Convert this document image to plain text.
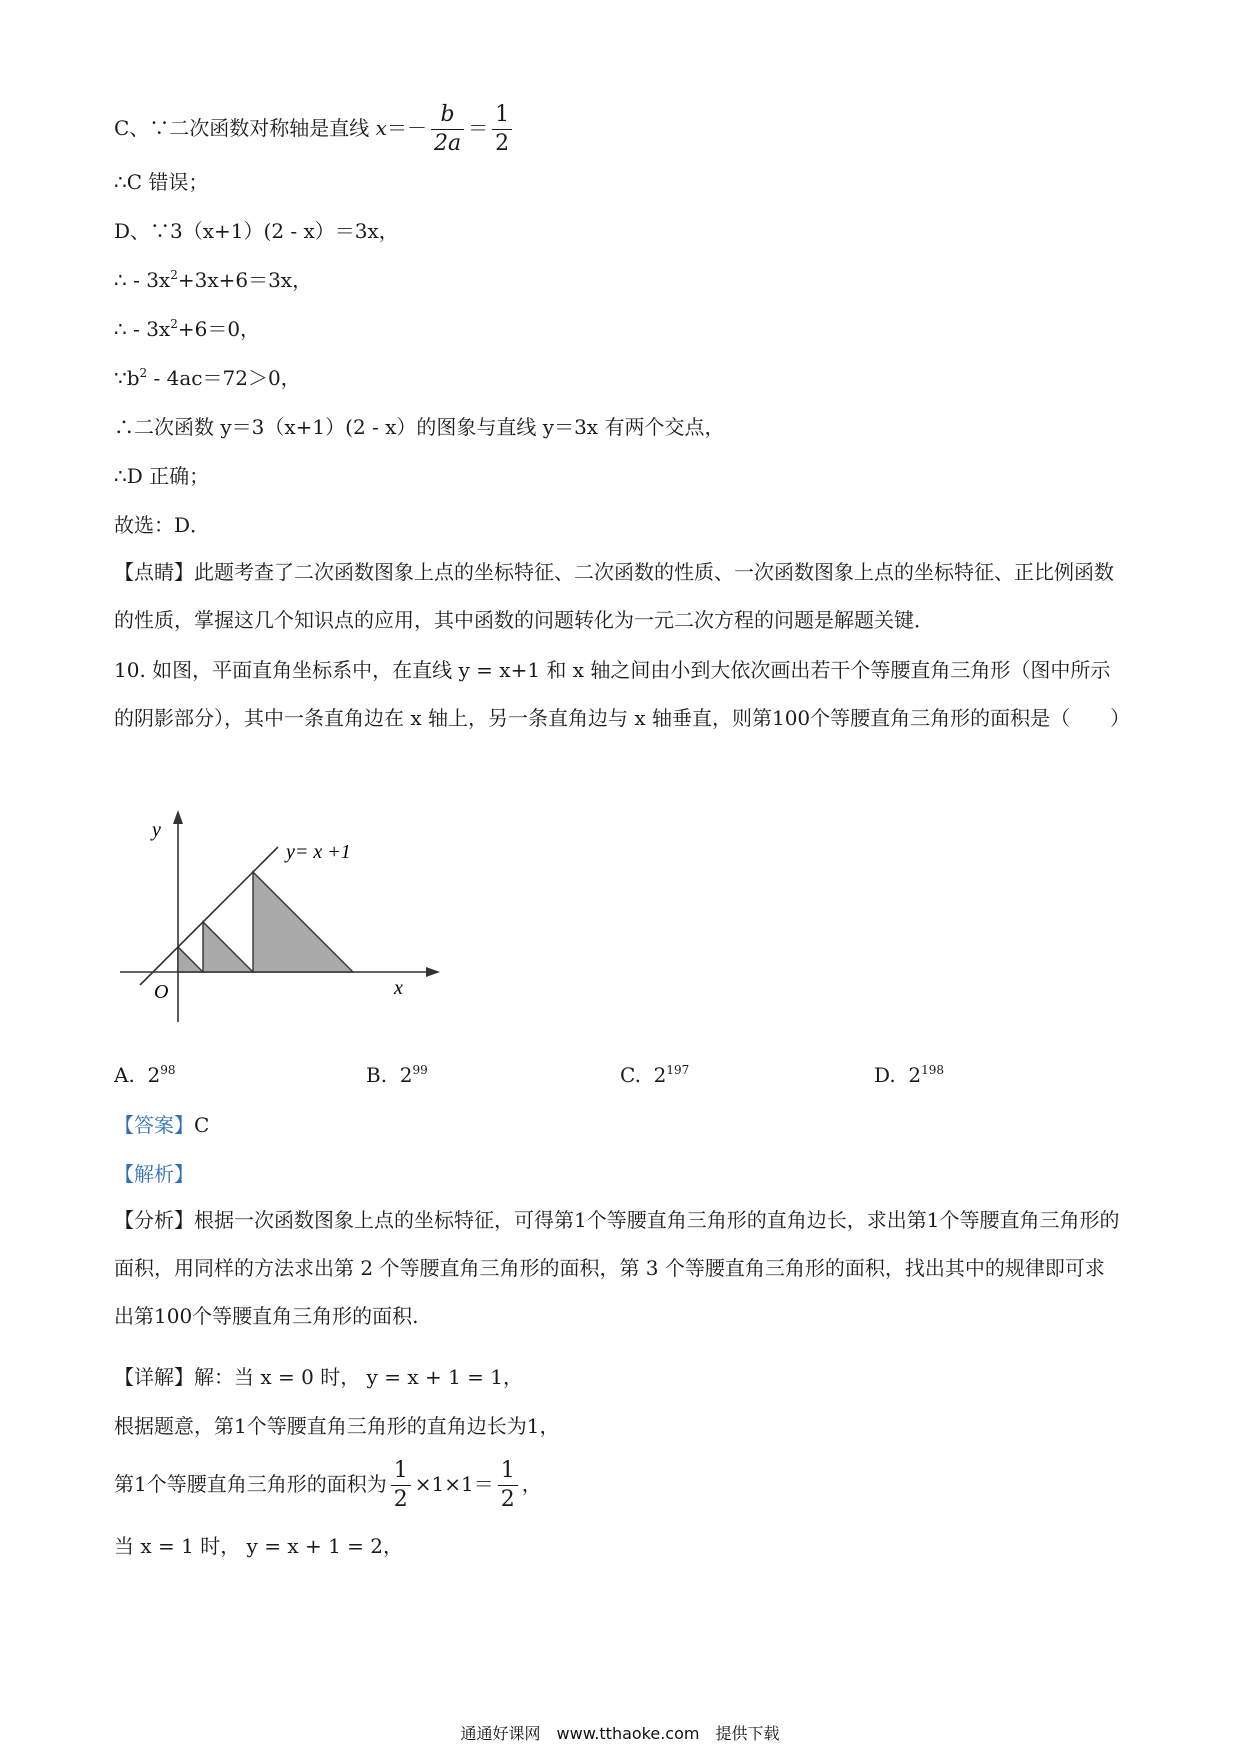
C、∵二次函数对称轴是直线 $x=- \frac{b}{2a} = \frac{1}{2}$
∴C 错误；
D、∵3（x+1）(2 - x）＝3x，
∴ - $3x^2+3x+6=3x$，
∴ - $3x^2+6=0$，
$\because b^2 - 4ac=72>0$，
∴二次函数 y＝3（x+1）(2 - x）的图象与直线 y＝3x 有两个交点，
∴D 正确；
故选：D．
【点睛】此题考查了二次函数图象上点的坐标特征、二次函数的性质、一次函数图象上点的坐标特征、正比例函数的性质，掌握这几个知识点的应用，其中函数的问题转化为一元二次方程的问题是解题关键．
10. 如图，平面直角坐标系中，在直线 y = x+1 和 x 轴之间由小到大依次画出若干个等腰直角三角形（图中所示的阴影部分），其中一条直角边在 x 轴上，另一条直角边与 x 轴垂直，则第100个等腰直角三角形的面积是（　　）
y
x
O
y= x +1
A. $2^{98}$	B. $2^{99}$	C. $2^{197}$	D. $2^{198}$
【答案】C
【解析】
【分析】根据一次函数图象上点的坐标特征，可得第1个等腰直角三角形的直角边长，求出第1个等腰直角三角形的面积，用同样的方法求出第 2 个等腰直角三角形的面积，第 3 个等腰直角三角形的面积，找出其中的规律即可求出第100个等腰直角三角形的面积.
【详解】解：当 x = 0 时， y = x + 1 = 1，
根据题意，第1个等腰直角三角形的直角边长为1，
第1个等腰直角三角形的面积为 $\frac{1}{2} \times 1\times 1= \frac{1}{2}$ ，
当 x = 1 时， y = x + 1 = 2，
通通好课网　www.tthaoke.com　提供下载
